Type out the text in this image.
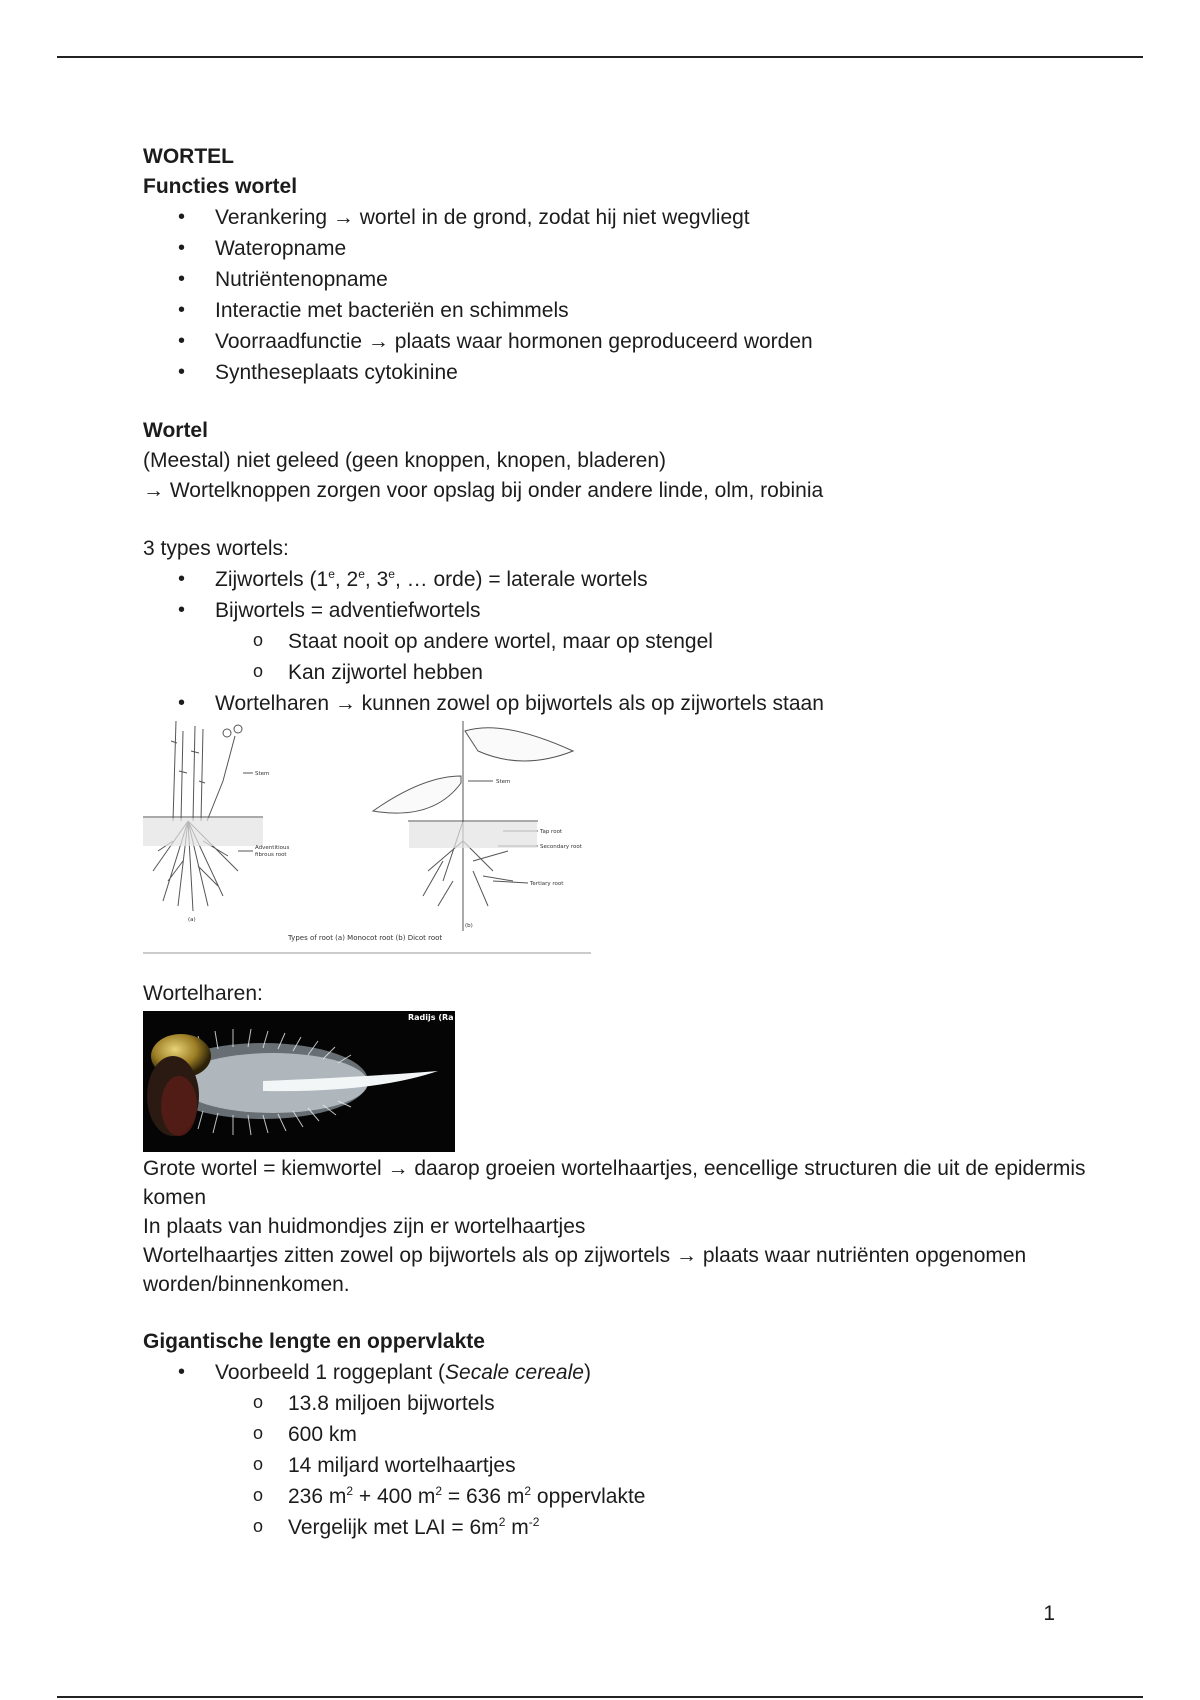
WORTEL
Functies wortel
• Verankering → wortel in de grond, zodat hij niet wegvliegt
• Wateropname
• Nutriëntenopname
• Interactie met bacteriën en schimmels
• Voorraadfunctie → plaats waar hormonen geproduceerd worden
• Syntheseplaats cytokinine
Wortel
(Meestal) niet geleed (geen knoppen, knopen, bladeren)
→ Wortelknoppen zorgen voor opslag bij onder andere linde, olm, robinia
3 types wortels:
• Zijwortels (1e, 2e, 3e, … orde) = laterale wortels
• Bijwortels = adventiefwortels
o Staat nooit op andere wortel, maar op stengel
o Kan zijwortel hebben
• Wortelharen → kunnen zowel op bijwortels als op zijwortels staan
Stem
Adventitious
fibrous root
(a)
Stem
Tap root
Secondary root
Tertiary root
(b)
Types of root (a) Monocot root (b) Dicot root
Wortelharen:
Radijs (Ra
Grote wortel = kiemwortel → daarop groeien wortelhaartjes, eencellige structuren die uit de epidermis komen
In plaats van huidmondjes zijn er wortelhaartjes
Wortelhaartjes zitten zowel op bijwortels als op zijwortels → plaats waar nutriënten opgenomen worden/binnenkomen.
Gigantische lengte en oppervlakte
• Voorbeeld 1 roggeplant (Secale cereale)
o 13.8 miljoen bijwortels
o 600 km
o 14 miljard wortelhaartjes
o 236 $m^2 + 400$ $m^2 = 636$ $m^2$ oppervlakte
o Vergelijk met LAI = $6m^2$ $m^{-2}$
1
